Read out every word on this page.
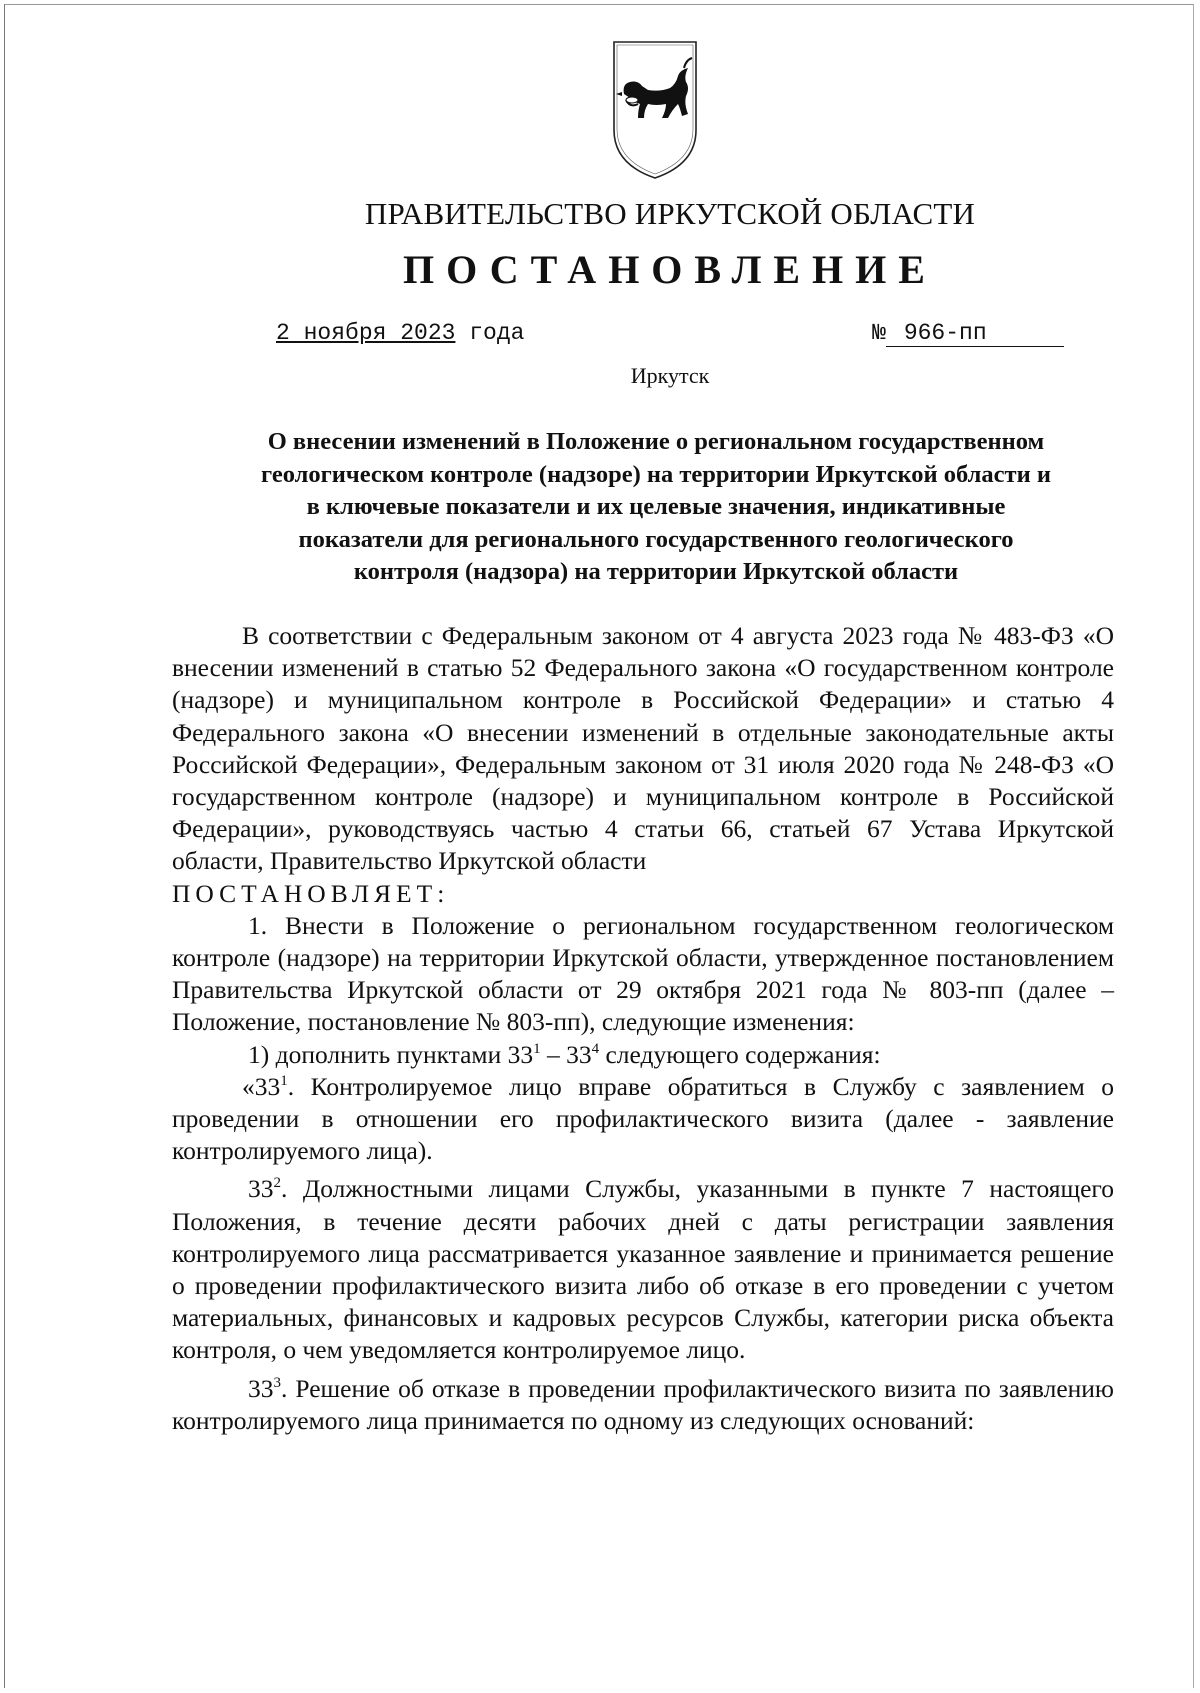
ПРАВИТЕЛЬСТВО ИРКУТСКОЙ ОБЛАСТИ
ПОСТАНОВЛЕНИЕ
2 ноября 2023 года	№ 966-пп
Иркутск
О внесении изменений в Положение о региональном государственном
геологическом контроле (надзоре) на территории Иркутской области и
в ключевые показатели и их целевые значения, индикативные
показатели для регионального государственного геологического
контроля (надзора) на территории Иркутской области

В соответствии с Федеральным законом от 4 августа 2023 года № 483-ФЗ «О внесении изменений в статью 52 Федерального закона «О государственном контроле (надзоре) и муниципальном контроле в Российской Федерации» и статью 4 Федерального закона «О внесении изменений в отдельные законодательные акты Российской Федерации», Федеральным законом от 31 июля 2020 года № 248-ФЗ «О государственном контроле (надзоре) и муниципальном контроле в Российской Федерации», руководствуясь частью 4 статьи 66, статьей 67 Устава Иркутской области, Правительство Иркутской области

ПОСТАНОВЛЯЕТ:

1. Внести в Положение о региональном государственном геологическом контроле (надзоре) на территории Иркутской области, утвержденное постановлением Правительства Иркутской области от 29 октября 2021 года № 803-пп (далее – Положение, постановление № 803-пп), следующие изменения:

1) дополнить пунктами $33^1 - 33^4$ следующего содержания:

«$33^1$. Контролируемое лицо вправе обратиться в Службу с заявлением о проведении в отношении его профилактического визита (далее - заявление контролируемого лица).

$33^2$. Должностными лицами Службы, указанными в пункте 7 настоящего Положения, в течение десяти рабочих дней с даты регистрации заявления контролируемого лица рассматривается указанное заявление и принимается решение о проведении профилактического визита либо об отказе в его проведении с учетом материальных, финансовых и кадровых ресурсов Службы, категории риска объекта контроля, о чем уведомляется контролируемое лицо.

$33^3$. Решение об отказе в проведении профилактического визита по заявлению контролируемого лица принимается по одному из следующих оснований:
